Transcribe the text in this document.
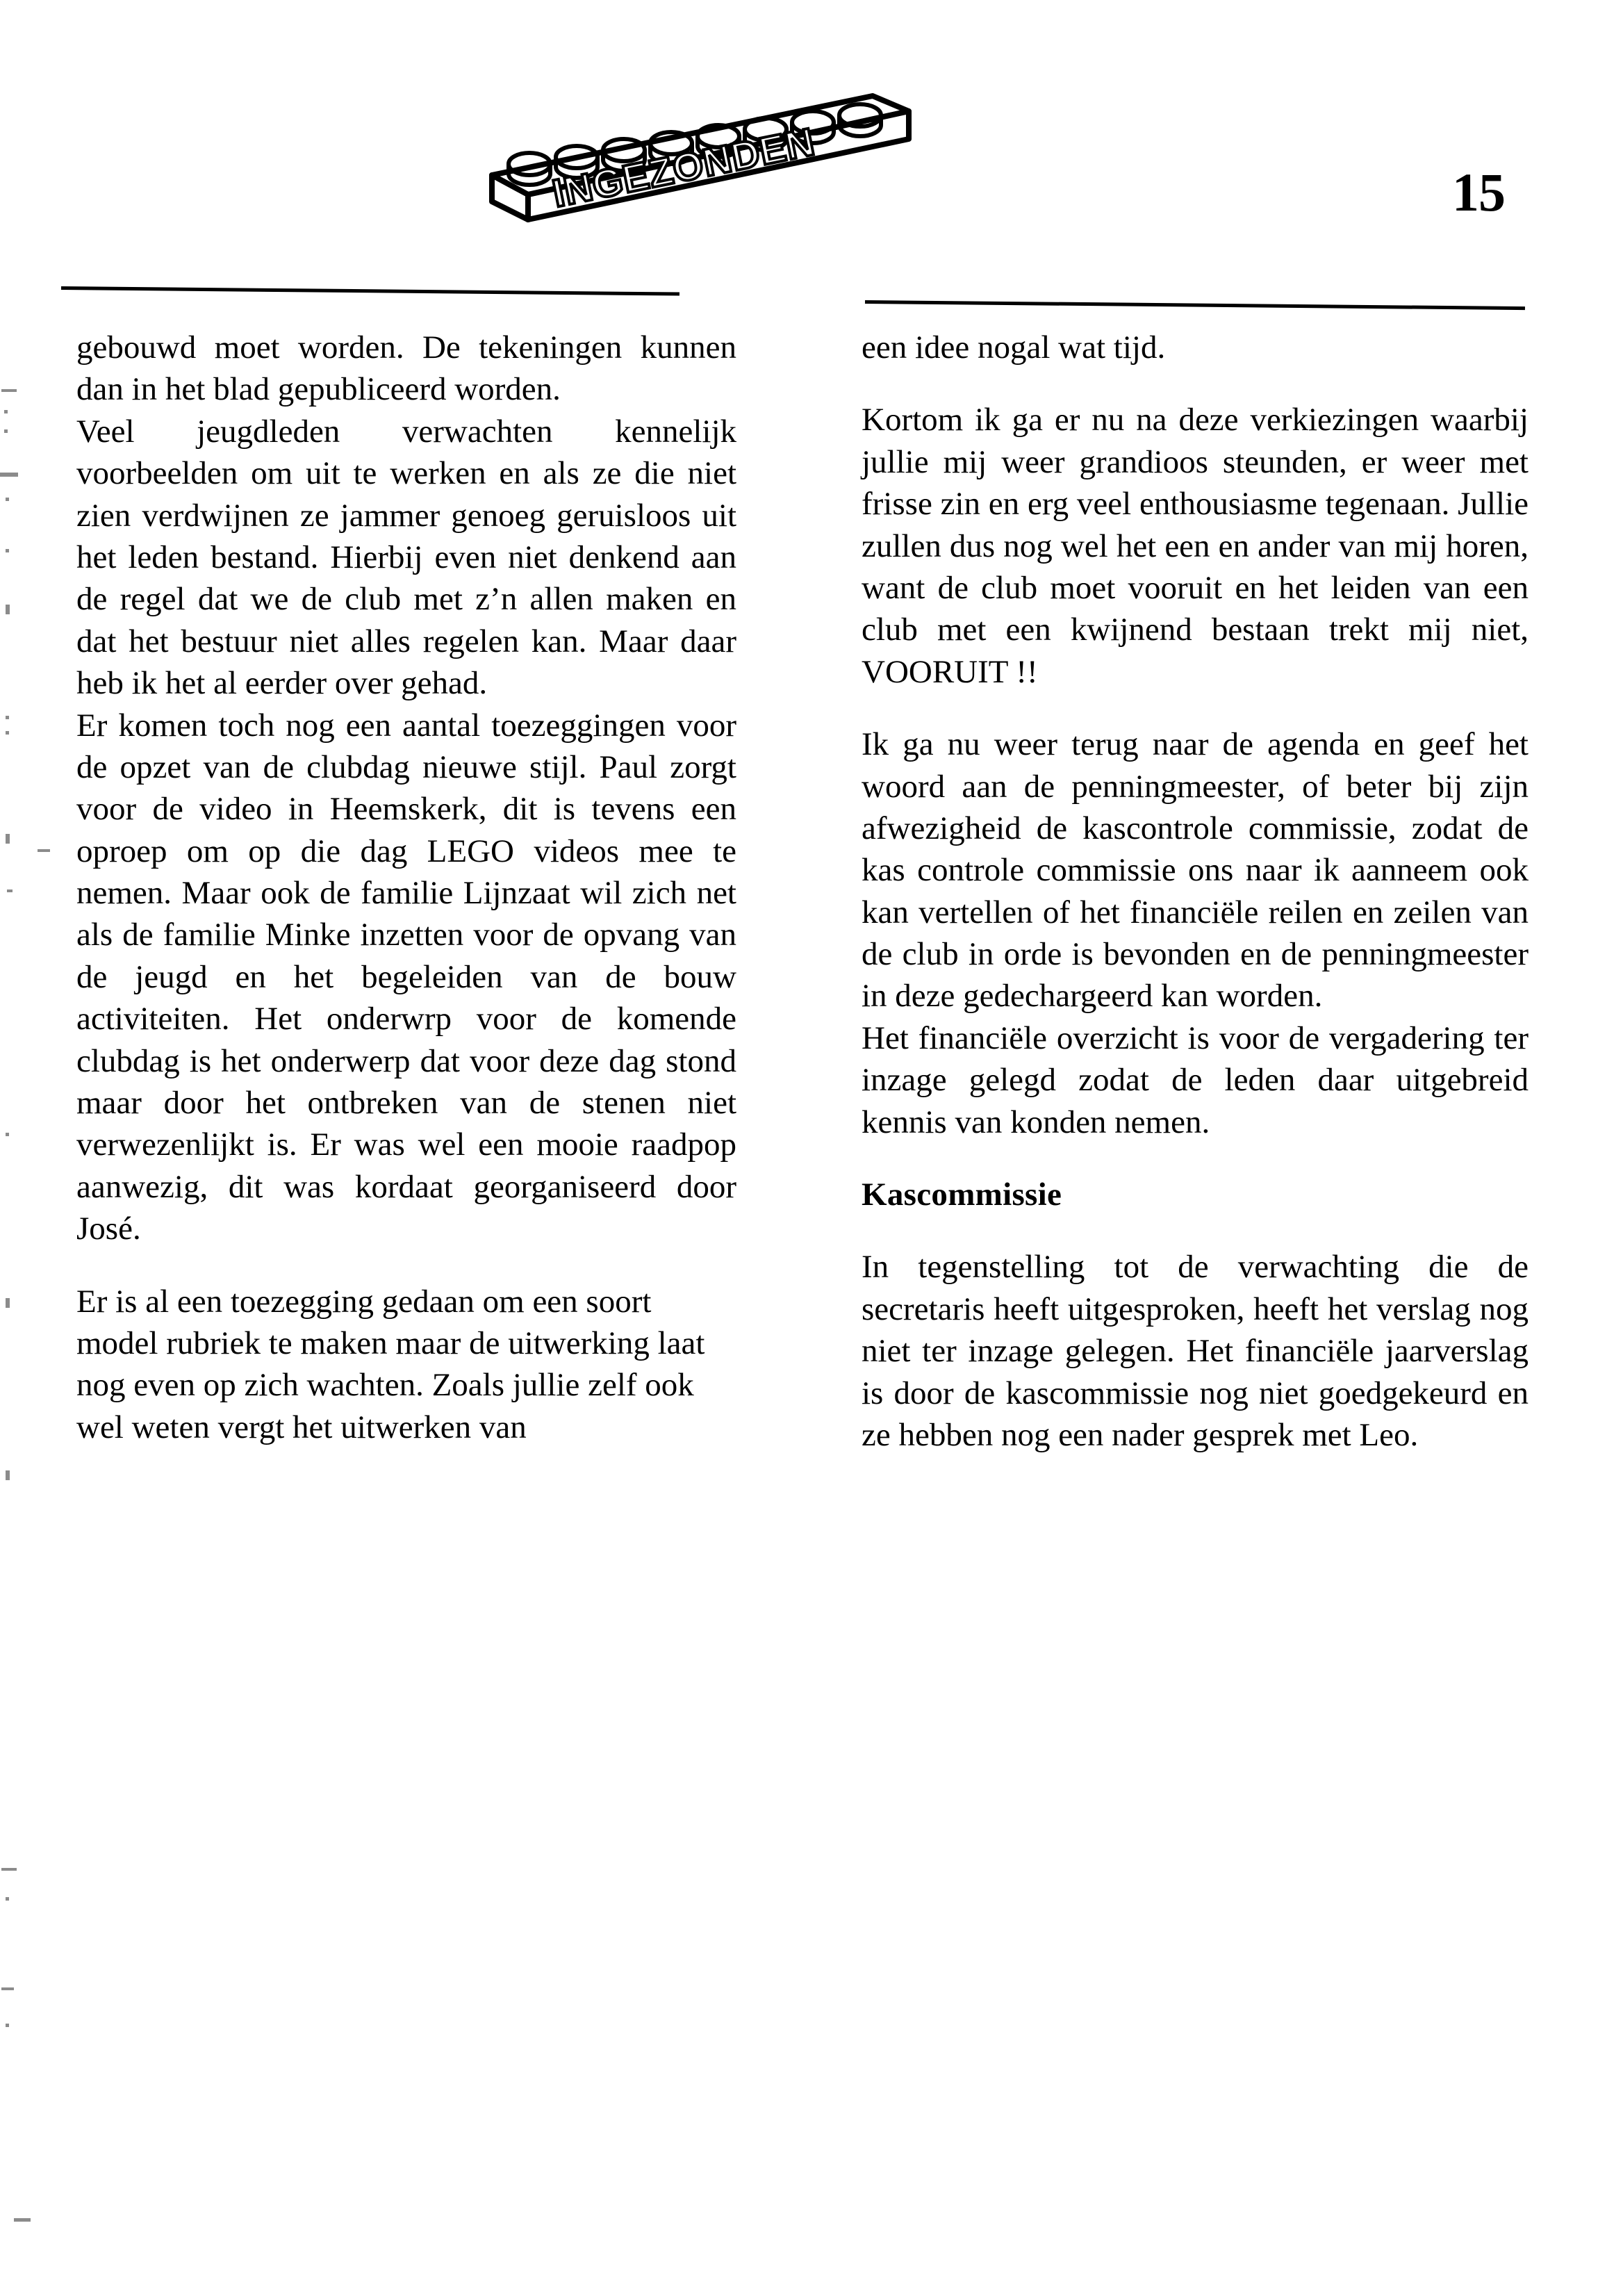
INGEZONDEN	15

gebouwd moet worden. De tekeningen kunnen dan in het blad gepubliceerd worden.

Veel jeugdleden verwachten kennelijk voorbeelden om uit te werken en als ze die niet zien verdwijnen ze jammer genoeg geruisloos uit het leden bestand. Hierbij even niet denkend aan de regel dat we de club met z’n allen maken en dat het bestuur niet alles regelen kan. Maar daar heb ik het al eerder over gehad.

Er komen toch nog een aantal toezeggingen voor de opzet van de clubdag nieuwe stijl. Paul zorgt voor de video in Heemskerk, dit is tevens een oproep om op die dag LEGO videos mee te nemen. Maar ook de familie Lijnzaat wil zich net als de familie Minke inzetten voor de opvang van de jeugd en het begeleiden van de bouw activiteiten. Het onderwrp voor de komende clubdag is het onderwerp dat voor deze dag stond maar door het ontbreken van de stenen niet verwezenlijkt is. Er was wel een mooie raadpop aanwezig, dit was kordaat georganiseerd door José.

Er is al een toezegging gedaan om een soort model rubriek te maken maar de uitwerking laat nog even op zich wachten. Zoals jullie zelf ook wel weten vergt het uitwerken van

een idee nogal wat tijd.

Kortom ik ga er nu na deze verkiezingen waarbij jullie mij weer grandioos steunden, er weer met frisse zin en erg veel enthousiasme tegenaan. Jullie zullen dus nog wel het een en ander van mij horen, want de club moet vooruit en het leiden van een club met een kwijnend bestaan trekt mij niet, VOORUIT !!

Ik ga nu weer terug naar de agenda en geef het woord aan de penningmeester, of beter bij zijn afwezigheid de kascontrole commissie, zodat de kas controle commissie ons naar ik aanneem ook kan vertellen of het financiële reilen en zeilen van de club in orde is bevonden en de penningmeester in deze gedechargeerd kan worden.

Het financiële overzicht is voor de vergadering ter inzage gelegd zodat de leden daar uitgebreid kennis van konden nemen.

Kascommissie

In tegenstelling tot de verwachting die de secretaris heeft uitgesproken, heeft het verslag nog niet ter inzage gelegen. Het financiële jaarverslag is door de kascommissie nog niet goedgekeurd en ze hebben nog een nader gesprek met Leo.
